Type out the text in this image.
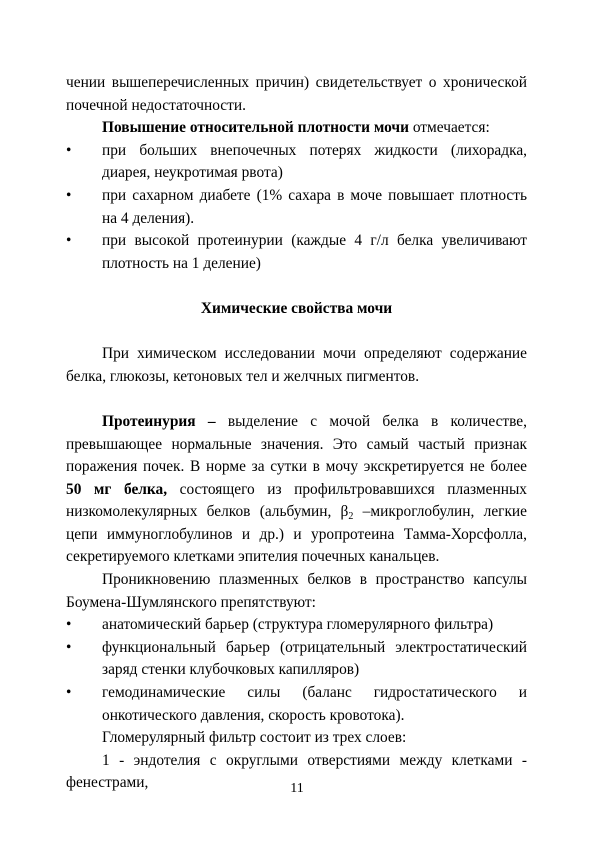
чении вышеперечисленных причин) свидетельствует о хронической почечной недостаточности.

Повышение относительной плотности мочи отмечается:

• при больших внепочечных потерях жидкости (лихорадка, диарея, неукротимая рвота)
• при сахарном диабете (1% сахара в моче повышает плотность на 4 деления).
• при высокой протеинурии (каждые 4 г/л белка увеличивают плотность на 1 деление)
Химические свойства мочи

При химическом исследовании мочи определяют содержание белка, глюкозы, кетоновых тел и желчных пигментов.

Протеинурия – выделение с мочой белка в количестве, превышающее нормальные значения. Это самый частый признак поражения почек. В норме за сутки в мочу экскретируется не более 50 мг белка, состоящего из профильтровавшихся плазменных низкомолекулярных белков (альбумин, $\beta_2$ –микроглобулин, легкие цепи иммуноглобулинов и др.) и уропротеина Тамма-Хорсфолла, секретируемого клетками эпителия почечных канальцев.

Проникновению плазменных белков в пространство капсулы Боумена-Шумлянского препятствуют:

• анатомический барьер (структура гломерулярного фильтра)
• функциональный барьер (отрицательный электростатический заряд стенки клубочковых капилляров)
• гемодинамические силы (баланс гидростатического и онкотического давления, скорость кровотока).

Гломерулярный фильтр состоит из трех слоев:

1 - эндотелия с округлыми отверстиями между клетками - фенестрами,	11
